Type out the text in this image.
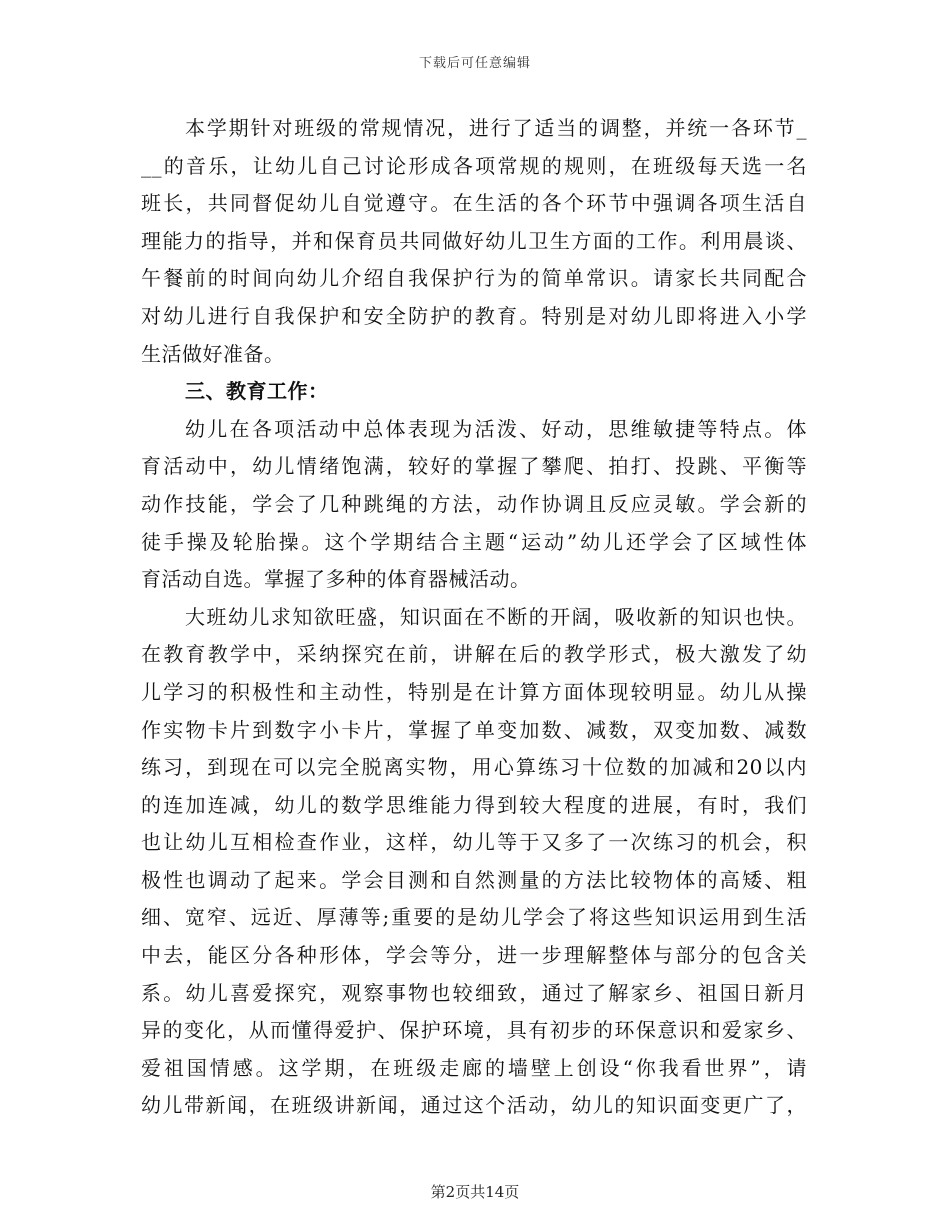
下载后可任意编辑
本学期针对班级的常规情况，进行了适当的调整，并统一各环节_
__的音乐，让幼儿自己讨论形成各项常规的规则，在班级每天选一名
班长，共同督促幼儿自觉遵守。在生活的各个环节中强调各项生活自
理能力的指导，并和保育员共同做好幼儿卫生方面的工作。利用晨谈、
午餐前的时间向幼儿介绍自我保护行为的简单常识。请家长共同配合
对幼儿进行自我保护和安全防护的教育。特别是对幼儿即将进入小学
生活做好准备。
三、教育工作：
幼儿在各项活动中总体表现为活泼、好动，思维敏捷等特点。体
育活动中，幼儿情绪饱满，较好的掌握了攀爬、拍打、投跳、平衡等
动作技能，学会了几种跳绳的方法，动作协调且反应灵敏。学会新的
徒手操及轮胎操。这个学期结合主题“运动”幼儿还学会了区域性体
育活动自选。掌握了多种的体育器械活动。
大班幼儿求知欲旺盛，知识面在不断的开阔，吸收新的知识也快。
在教育教学中，采纳探究在前，讲解在后的教学形式，极大激发了幼
儿学习的积极性和主动性，特别是在计算方面体现较明显。幼儿从操
作实物卡片到数字小卡片，掌握了单变加数、减数，双变加数、减数
练习，到现在可以完全脱离实物，用心算练习十位数的加减和20以内
的连加连减，幼儿的数学思维能力得到较大程度的进展，有时，我们
也让幼儿互相检查作业，这样，幼儿等于又多了一次练习的机会，积
极性也调动了起来。学会目测和自然测量的方法比较物体的高矮、粗
细、宽窄、远近、厚薄等;重要的是幼儿学会了将这些知识运用到生活
中去，能区分各种形体，学会等分，进一步理解整体与部分的包含关
系。幼儿喜爱探究，观察事物也较细致，通过了解家乡、祖国日新月
异的变化，从而懂得爱护、保护环境，具有初步的环保意识和爱家乡、
爱祖国情感。这学期，在班级走廊的墙壁上创设“你我看世界”，请
幼儿带新闻，在班级讲新闻，通过这个活动，幼儿的知识面变更广了，
第2页共14页
